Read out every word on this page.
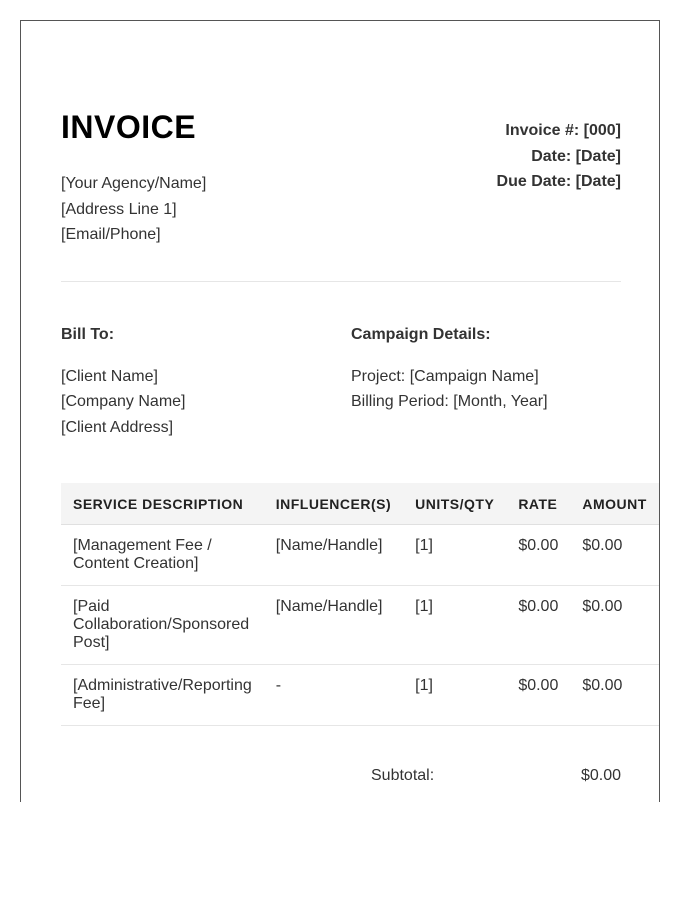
INVOICE
[Your Agency/Name]
[Address Line 1]
[Email/Phone]
Invoice #: [000]
Date: [Date]
Due Date: [Date]
Bill To:
[Client Name]
[Company Name]
[Client Address]
Campaign Details:
Project: [Campaign Name]
Billing Period: [Month, Year]
SERVICE DESCRIPTION	INFLUENCER(S)	UNITS/QTY	RATE	AMOUNT
[Management Fee / Content Creation]	[Name/Handle]	[1]	$0.00	$0.00
[Paid Collaboration/Sponsored Post]	[Name/Handle]	[1]	$0.00	$0.00
[Administrative/Reporting Fee]	-	[1]	$0.00	$0.00
Subtotal:	$0.00
